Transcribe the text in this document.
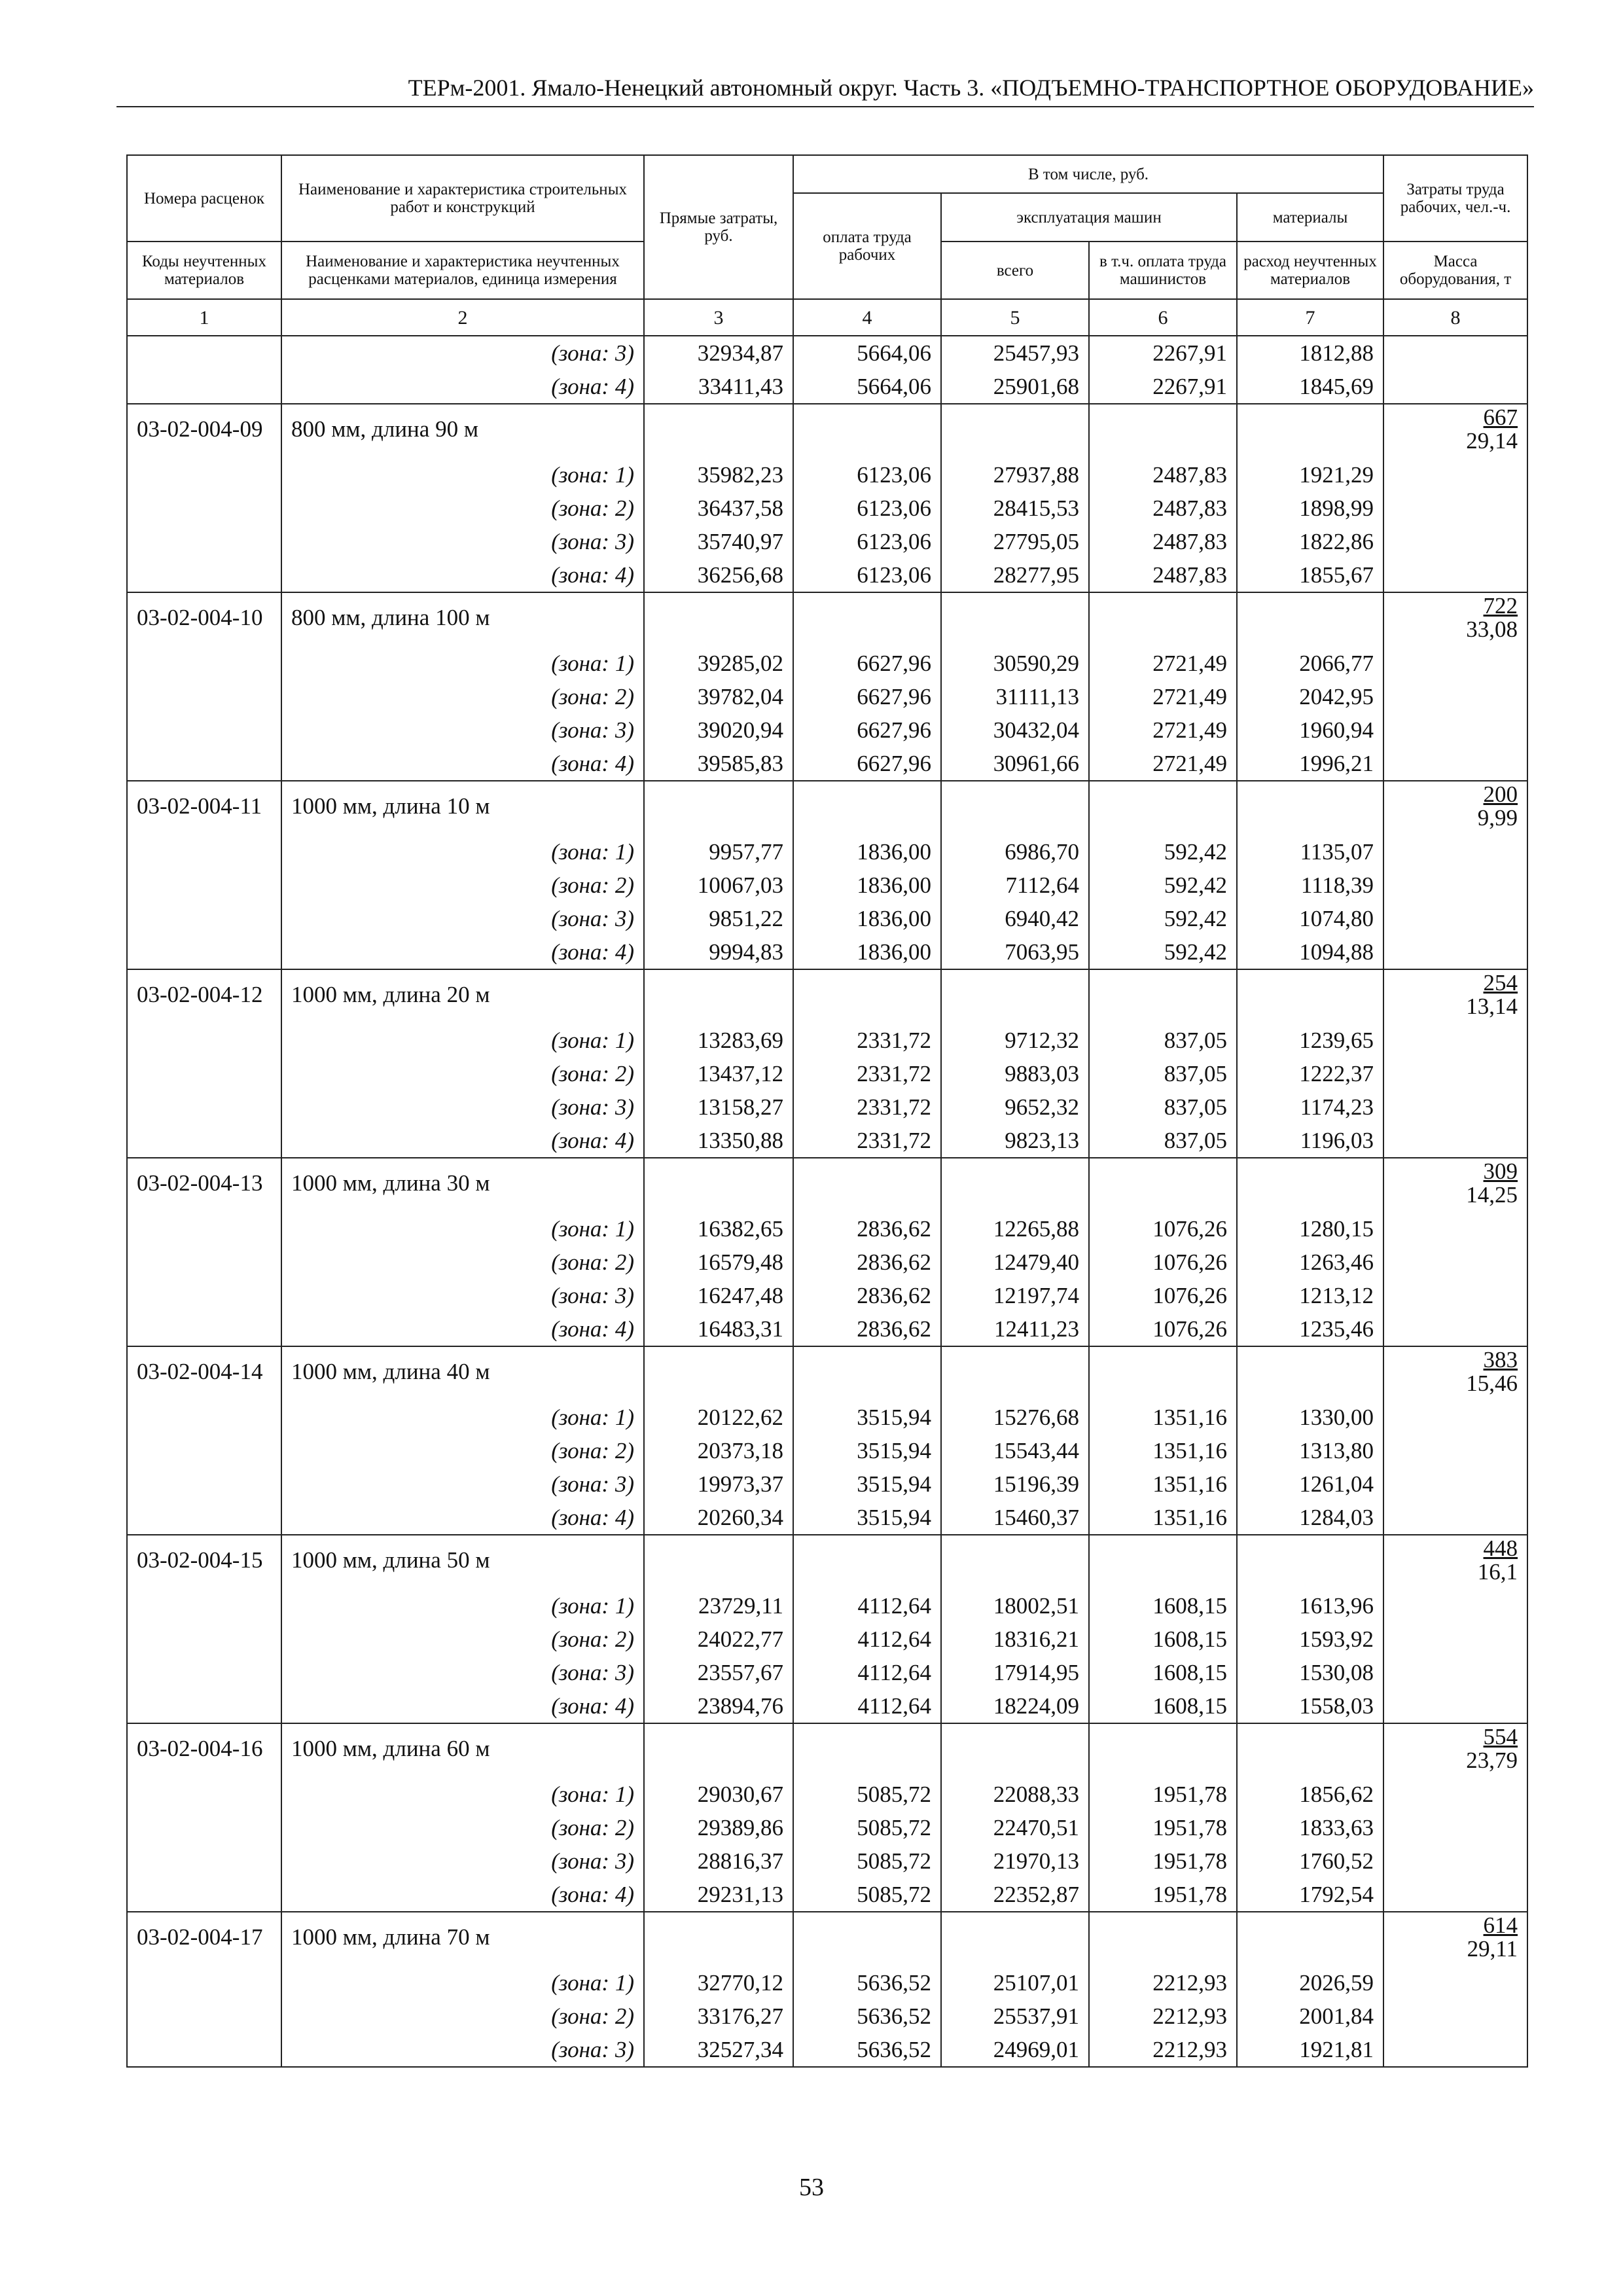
ТЕРм-2001. Ямало-Ненецкий автономный округ. Часть 3. «ПОДЪЕМНО-ТРАНСПОРТНОЕ ОБОРУДОВАНИЕ»
Номера расценок	Наименование и характеристика строительных работ и конструкций	Прямые затраты, руб.	В том числе, руб.				Затраты труда рабочих, чел.-ч.
			оплата труда рабочих	эксплуатация машин		материалы	
Коды неучтенных материалов	Наименование и характеристика неучтенных расценками материалов, единица измерения			всего	в т.ч. оплата труда машинистов	расход неучтенных материалов	Масса оборудования, т
1	2	3	4	5	6	7	8
	(зона: 3)	32934,87	5664,06	25457,93	2267,91	1812,88	
	(зона: 4)	33411,43	5664,06	25901,68	2267,91	1845,69	
03-02-004-09	800 мм, длина 90 м						$\frac{667}{29,14}$

	(зона: 1)	35982,23	6123,06	27937,88	2487,83	1921,29	
	(зона: 2)	36437,58	6123,06	28415,53	2487,83	1898,99	
	(зона: 3)	35740,97	6123,06	27795,05	2487,83	1822,86	
	(зона: 4)	36256,68	6123,06	28277,95	2487,83	1855,67	
03-02-004-10	800 мм, длина 100 м						$\frac{722}{33,08}$

	(зона: 1)	39285,02	6627,96	30590,29	2721,49	2066,77	
	(зона: 2)	39782,04	6627,96	31111,13	2721,49	2042,95	
	(зона: 3)	39020,94	6627,96	30432,04	2721,49	1960,94	
	(зона: 4)	39585,83	6627,96	30961,66	2721,49	1996,21	
03-02-004-11	1000 мм, длина 10 м						$\frac{200}{9,99}$

	(зона: 1)	9957,77	1836,00	6986,70	592,42	1135,07	
	(зона: 2)	10067,03	1836,00	7112,64	592,42	1118,39	
	(зона: 3)	9851,22	1836,00	6940,42	592,42	1074,80	
	(зона: 4)	9994,83	1836,00	7063,95	592,42	1094,88	
03-02-004-12	1000 мм, длина 20 м						$\frac{254}{13,14}$

	(зона: 1)	13283,69	2331,72	9712,32	837,05	1239,65	
	(зона: 2)	13437,12	2331,72	9883,03	837,05	1222,37	
	(зона: 3)	13158,27	2331,72	9652,32	837,05	1174,23	
	(зона: 4)	13350,88	2331,72	9823,13	837,05	1196,03	
03-02-004-13	1000 мм, длина 30 м						$\frac{309}{14,25}$

	(зона: 1)	16382,65	2836,62	12265,88	1076,26	1280,15	
	(зона: 2)	16579,48	2836,62	12479,40	1076,26	1263,46	
	(зона: 3)	16247,48	2836,62	12197,74	1076,26	1213,12	
	(зона: 4)	16483,31	2836,62	12411,23	1076,26	1235,46	
03-02-004-14	1000 мм, длина 40 м						$\frac{383}{15,46}$

	(зона: 1)	20122,62	3515,94	15276,68	1351,16	1330,00	
	(зона: 2)	20373,18	3515,94	15543,44	1351,16	1313,80	
	(зона: 3)	19973,37	3515,94	15196,39	1351,16	1261,04	
	(зона: 4)	20260,34	3515,94	15460,37	1351,16	1284,03	
03-02-004-15	1000 мм, длина 50 м						$\frac{448}{16,1}$

	(зона: 1)	23729,11	4112,64	18002,51	1608,15	1613,96	
	(зона: 2)	24022,77	4112,64	18316,21	1608,15	1593,92	
	(зона: 3)	23557,67	4112,64	17914,95	1608,15	1530,08	
	(зона: 4)	23894,76	4112,64	18224,09	1608,15	1558,03	
03-02-004-16	1000 мм, длина 60 м						$\frac{554}{23,79}$

	(зона: 1)	29030,67	5085,72	22088,33	1951,78	1856,62	
	(зона: 2)	29389,86	5085,72	22470,51	1951,78	1833,63	
	(зона: 3)	28816,37	5085,72	21970,13	1951,78	1760,52	
	(зона: 4)	29231,13	5085,72	22352,87	1951,78	1792,54	
03-02-004-17	1000 мм, длина 70 м						$\frac{614}{29,11}$

	(зона: 1)	32770,12	5636,52	25107,01	2212,93	2026,59	
	(зона: 2)	33176,27	5636,52	25537,91	2212,93	2001,84	
	(зона: 3)	32527,34	5636,52	24969,01	2212,93	1921,81	
53
